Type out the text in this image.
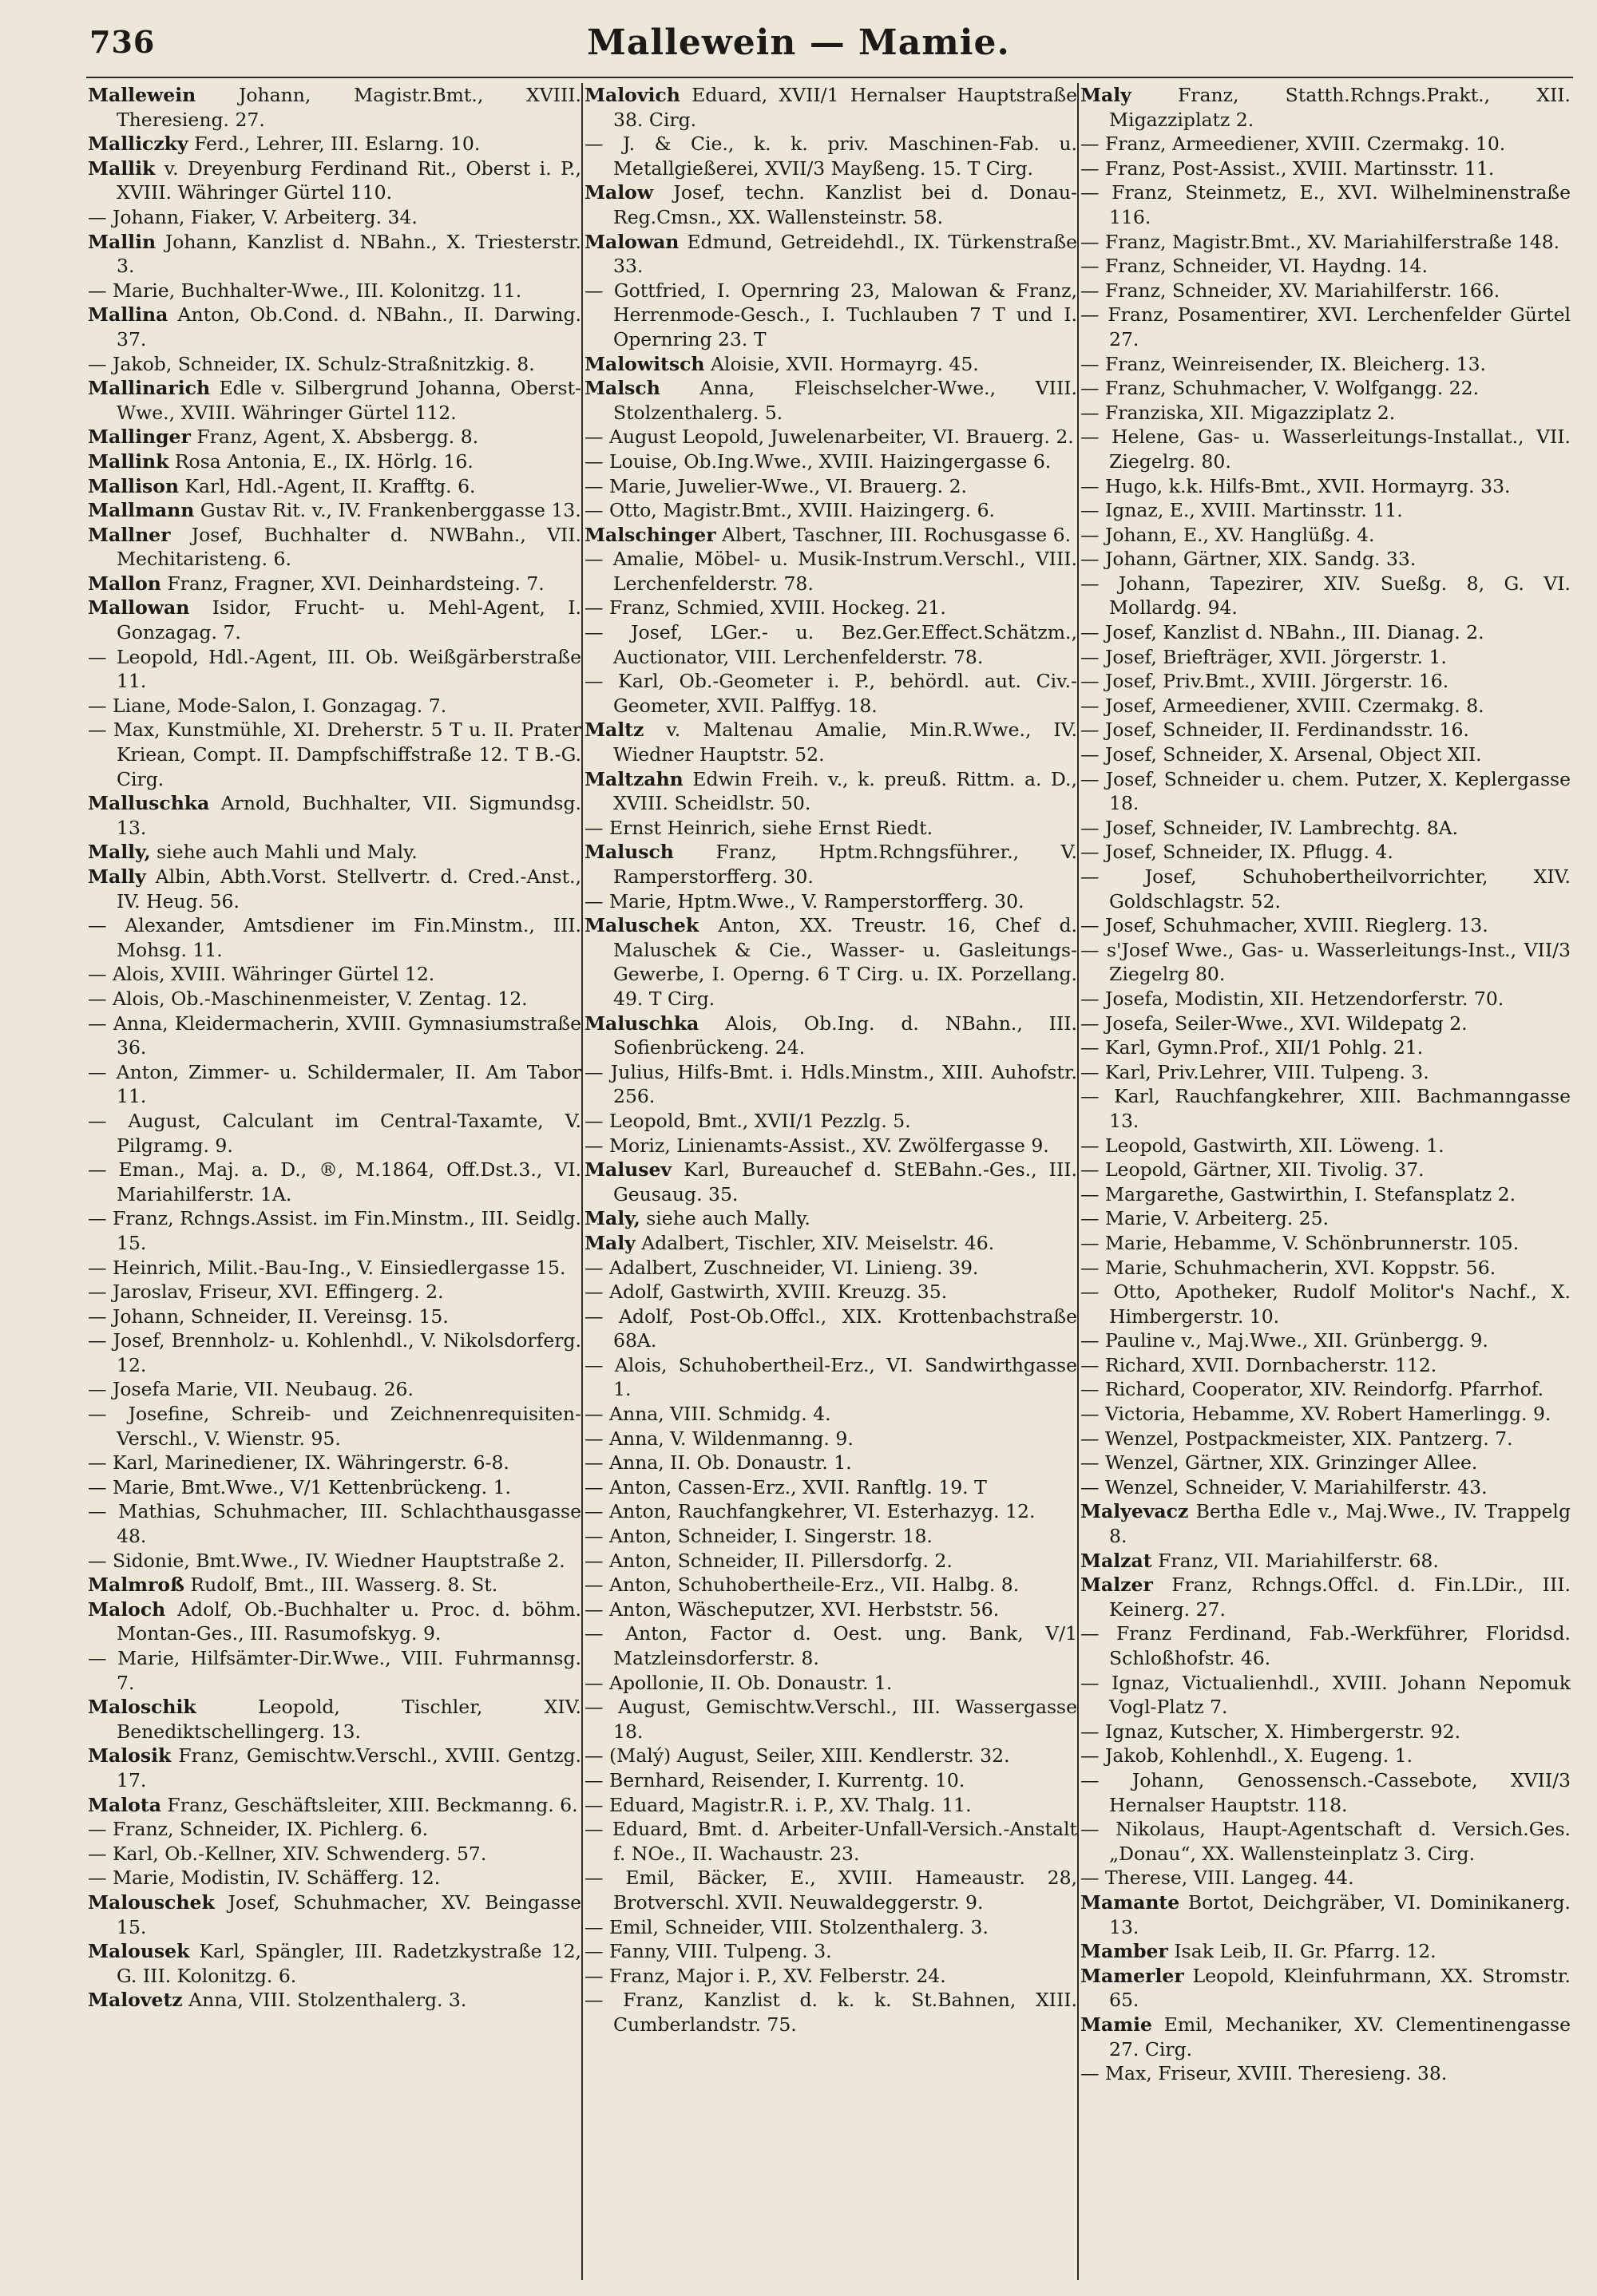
736	Mallewein — Mamie.

Mallewein Johann, Magistr.Bmt., XVIII. Theresieng. 27.

Malliczky Ferd., Lehrer, III. Eslarng. 10.

Mallik v. Dreyenburg Ferdinand Rit., Oberst i. P., XVIII. Währinger Gürtel 110.

— Johann, Fiaker, V. Arbeiterg. 34.

Mallin Johann, Kanzlist d. NBahn., X. Triesterstr. 3.

— Marie, Buchhalter-Wwe., III. Kolonitzg. 11.

Mallina Anton, Ob.Cond. d. NBahn., II. Darwing. 37.

— Jakob, Schneider, IX. Schulz-Straßnitzkig. 8.

Mallinarich Edle v. Silbergrund Johanna, Oberst-Wwe., XVIII. Währinger Gürtel 112.

Mallinger Franz, Agent, X. Absbergg. 8.

Mallink Rosa Antonia, E., IX. Hörlg. 16.

Mallison Karl, Hdl.-Agent, II. Krafftg. 6.

Mallmann Gustav Rit. v., IV. Frankenberggasse 13.

Mallner Josef, Buchhalter d. NWBahn., VII. Mechitaristeng. 6.

Mallon Franz, Fragner, XVI. Deinhardsteing. 7.

Mallowan Isidor, Frucht- u. Mehl-Agent, I. Gonzagag. 7.

— Leopold, Hdl.-Agent, III. Ob. Weißgärberstraße 11.

— Liane, Mode-Salon, I. Gonzagag. 7.

— Max, Kunstmühle, XI. Dreherstr. 5 T u. II. Prater Kriean, Compt. II. Dampfschiffstraße 12. T B.-G. Cirg.

Malluschka Arnold, Buchhalter, VII. Sigmundsg. 13.

Mally, siehe auch Mahli und Maly.

Mally Albin, Abth.Vorst. Stellvertr. d. Cred.-Anst., IV. Heug. 56.

— Alexander, Amtsdiener im Fin.Minstm., III. Mohsg. 11.

— Alois, XVIII. Währinger Gürtel 12.

— Alois, Ob.-Maschinenmeister, V. Zentag. 12.

— Anna, Kleidermacherin, XVIII. Gymnasiumstraße 36.

— Anton, Zimmer- u. Schildermaler, II. Am Tabor 11.

— August, Calculant im Central-Taxamte, V. Pilgramg. 9.

— Eman., Maj. a. D., ®, M.1864, Off.Dst.3., VI. Mariahilferstr. 1A.

— Franz, Rchngs.Assist. im Fin.Minstm., III. Seidlg. 15.

— Heinrich, Milit.-Bau-Ing., V. Einsiedlergasse 15.

— Jaroslav, Friseur, XVI. Effingerg. 2.

— Johann, Schneider, II. Vereinsg. 15.

— Josef, Brennholz- u. Kohlenhdl., V. Nikolsdorferg. 12.

— Josefa Marie, VII. Neubaug. 26.

— Josefine, Schreib- und Zeichnenrequisiten-Verschl., V. Wienstr. 95.

— Karl, Marinediener, IX. Währingerstr. 6-8.

— Marie, Bmt.Wwe., V/1 Kettenbrückeng. 1.

— Mathias, Schuhmacher, III. Schlachthausgasse 48.

— Sidonie, Bmt.Wwe., IV. Wiedner Hauptstraße 2.

Malmroß Rudolf, Bmt., III. Wasserg. 8. St.

Maloch Adolf, Ob.-Buchhalter u. Proc. d. böhm. Montan-Ges., III. Rasumofskyg. 9.

— Marie, Hilfsämter-Dir.Wwe., VIII. Fuhrmannsg. 7.

Maloschik Leopold, Tischler, XIV. Benediktschellingerg. 13.

Malosik Franz, Gemischtw.Verschl., XVIII. Gentzg. 17.

Malota Franz, Geschäftsleiter, XIII. Beckmanng. 6.

— Franz, Schneider, IX. Pichlerg. 6.

— Karl, Ob.-Kellner, XIV. Schwenderg. 57.

— Marie, Modistin, IV. Schäfferg. 12.

Malouschek Josef, Schuhmacher, XV. Beingasse 15.

Malousek Karl, Spängler, III. Radetzkystraße 12, G. III. Kolonitzg. 6.

Malovetz Anna, VIII. Stolzenthalerg. 3.

Malovich Eduard, XVII/1 Hernalser Hauptstraße 38. Cirg.

— J. & Cie., k. k. priv. Maschinen-Fab. u. Metallgießerei, XVII/3 Mayßeng. 15. T Cirg.

Malow Josef, techn. Kanzlist bei d. Donau-Reg.Cmsn., XX. Wallensteinstr. 58.

Malowan Edmund, Getreidehdl., IX. Türkenstraße 33.

— Gottfried, I. Opernring 23, Malowan & Franz, Herrenmode-Gesch., I. Tuchlauben 7 T und I. Opernring 23. T

Malowitsch Aloisie, XVII. Hormayrg. 45.

Malsch Anna, Fleischselcher-Wwe., VIII. Stolzenthalerg. 5.

— August Leopold, Juwelenarbeiter, VI. Brauerg. 2.

— Louise, Ob.Ing.Wwe., XVIII. Haizingergasse 6.

— Marie, Juwelier-Wwe., VI. Brauerg. 2.

— Otto, Magistr.Bmt., XVIII. Haizingerg. 6.

Malschinger Albert, Taschner, III. Rochusgasse 6.

— Amalie, Möbel- u. Musik-Instrum.Verschl., VIII. Lerchenfelderstr. 78.

— Franz, Schmied, XVIII. Hockeg. 21.

— Josef, LGer.- u. Bez.Ger.Effect.Schätzm., Auctionator, VIII. Lerchenfelderstr. 78.

— Karl, Ob.-Geometer i. P., behördl. aut. Civ.-Geometer, XVII. Palffyg. 18.

Maltz v. Maltenau Amalie, Min.R.Wwe., IV. Wiedner Hauptstr. 52.

Maltzahn Edwin Freih. v., k. preuß. Rittm. a. D., XVIII. Scheidlstr. 50.

— Ernst Heinrich, siehe Ernst Riedt.

Malusch Franz, Hptm.Rchngsführer., V. Ramperstorfferg. 30.

— Marie, Hptm.Wwe., V. Ramperstorfferg. 30.

Maluschek Anton, XX. Treustr. 16, Chef d. Maluschek & Cie., Wasser- u. Gasleitungs-Gewerbe, I. Operng. 6 T Cirg. u. IX. Porzellang. 49. T Cirg.

Maluschka Alois, Ob.Ing. d. NBahn., III. Sofienbrückeng. 24.

— Julius, Hilfs-Bmt. i. Hdls.Minstm., XIII. Auhofstr. 256.

— Leopold, Bmt., XVII/1 Pezzlg. 5.

— Moriz, Linienamts-Assist., XV. Zwölfergasse 9.

Malusev Karl, Bureauchef d. StEBahn.-Ges., III. Geusaug. 35.

Maly, siehe auch Mally.

Maly Adalbert, Tischler, XIV. Meiselstr. 46.

— Adalbert, Zuschneider, VI. Linieng. 39.

— Adolf, Gastwirth, XVIII. Kreuzg. 35.

— Adolf, Post-Ob.Offcl., XIX. Krottenbachstraße 68A.

— Alois, Schuhobertheil-Erz., VI. Sandwirthgasse 1.

— Anna, VIII. Schmidg. 4.

— Anna, V. Wildenmanng. 9.

— Anna, II. Ob. Donaustr. 1.

— Anton, Cassen-Erz., XVII. Ranftlg. 19. T

— Anton, Rauchfangkehrer, VI. Esterhazyg. 12.

— Anton, Schneider, I. Singerstr. 18.

— Anton, Schneider, II. Pillersdorfg. 2.

— Anton, Schuhobertheile-Erz., VII. Halbg. 8.

— Anton, Wäscheputzer, XVI. Herbststr. 56.

— Anton, Factor d. Oest. ung. Bank, V/1 Matzleinsdorferstr. 8.

— Apollonie, II. Ob. Donaustr. 1.

— August, Gemischtw.Verschl., III. Wassergasse 18.

— (Malý) August, Seiler, XIII. Kendlerstr. 32.

— Bernhard, Reisender, I. Kurrentg. 10.

— Eduard, Magistr.R. i. P., XV. Thalg. 11.

— Eduard, Bmt. d. Arbeiter-Unfall-Versich.-Anstalt f. NOe., II. Wachaustr. 23.

— Emil, Bäcker, E., XVIII. Hameaustr. 28, Brotverschl. XVII. Neuwaldeggerstr. 9.

— Emil, Schneider, VIII. Stolzenthalerg. 3.

— Fanny, VIII. Tulpeng. 3.

— Franz, Major i. P., XV. Felberstr. 24.

— Franz, Kanzlist d. k. k. St.Bahnen, XIII. Cumberlandstr. 75.

Maly Franz, Statth.Rchngs.Prakt., XII. Migazziplatz 2.

— Franz, Armeediener, XVIII. Czermakg. 10.

— Franz, Post-Assist., XVIII. Martinsstr. 11.

— Franz, Steinmetz, E., XVI. Wilhelminenstraße 116.

— Franz, Magistr.Bmt., XV. Mariahilferstraße 148.

— Franz, Schneider, VI. Haydng. 14.

— Franz, Schneider, XV. Mariahilferstr. 166.

— Franz, Posamentirer, XVI. Lerchenfelder Gürtel 27.

— Franz, Weinreisender, IX. Bleicherg. 13.

— Franz, Schuhmacher, V. Wolfgangg. 22.

— Franziska, XII. Migazziplatz 2.

— Helene, Gas- u. Wasserleitungs-Installat., VII. Ziegelrg. 80.

— Hugo, k.k. Hilfs-Bmt., XVII. Hormayrg. 33.

— Ignaz, E., XVIII. Martinsstr. 11.

— Johann, E., XV. Hanglüßg. 4.

— Johann, Gärtner, XIX. Sandg. 33.

— Johann, Tapezirer, XIV. Sueßg. 8, G. VI. Mollardg. 94.

— Josef, Kanzlist d. NBahn., III. Dianag. 2.

— Josef, Briefträger, XVII. Jörgerstr. 1.

— Josef, Priv.Bmt., XVIII. Jörgerstr. 16.

— Josef, Armeediener, XVIII. Czermakg. 8.

— Josef, Schneider, II. Ferdinandsstr. 16.

— Josef, Schneider, X. Arsenal, Object XII.

— Josef, Schneider u. chem. Putzer, X. Keplergasse 18.

— Josef, Schneider, IV. Lambrechtg. 8A.

— Josef, Schneider, IX. Pflugg. 4.

— Josef, Schuhobertheilvorrichter, XIV. Goldschlagstr. 52.

— Josef, Schuhmacher, XVIII. Rieglerg. 13.

— s'Josef Wwe., Gas- u. Wasserleitungs-Inst., VII/3 Ziegelrg 80.

— Josefa, Modistin, XII. Hetzendorferstr. 70.

— Josefa, Seiler-Wwe., XVI. Wildepatg 2.

— Karl, Gymn.Prof., XII/1 Pohlg. 21.

— Karl, Priv.Lehrer, VIII. Tulpeng. 3.

— Karl, Rauchfangkehrer, XIII. Bachmanngasse 13.

— Leopold, Gastwirth, XII. Löweng. 1.

— Leopold, Gärtner, XII. Tivolig. 37.

— Margarethe, Gastwirthin, I. Stefansplatz 2.

— Marie, V. Arbeiterg. 25.

— Marie, Hebamme, V. Schönbrunnerstr. 105.

— Marie, Schuhmacherin, XVI. Koppstr. 56.

— Otto, Apotheker, Rudolf Molitor's Nachf., X. Himbergerstr. 10.

— Pauline v., Maj.Wwe., XII. Grünbergg. 9.

— Richard, XVII. Dornbacherstr. 112.

— Richard, Cooperator, XIV. Reindorfg. Pfarrhof.

— Victoria, Hebamme, XV. Robert Hamerlingg. 9.

— Wenzel, Postpackmeister, XIX. Pantzerg. 7.

— Wenzel, Gärtner, XIX. Grinzinger Allee.

— Wenzel, Schneider, V. Mariahilferstr. 43.

Malyevacz Bertha Edle v., Maj.Wwe., IV. Trappelg 8.

Malzat Franz, VII. Mariahilferstr. 68.

Malzer Franz, Rchngs.Offcl. d. Fin.LDir., III. Keinerg. 27.

— Franz Ferdinand, Fab.-Werkführer, Floridsd. Schloßhofstr. 46.

— Ignaz, Victualienhdl., XVIII. Johann Nepomuk Vogl-Platz 7.

— Ignaz, Kutscher, X. Himbergerstr. 92.

— Jakob, Kohlenhdl., X. Eugeng. 1.

— Johann, Genossensch.-Cassebote, XVII/3 Hernalser Hauptstr. 118.

— Nikolaus, Haupt-Agentschaft d. Versich.Ges. „Donau“, XX. Wallensteinplatz 3. Cirg.

— Therese, VIII. Langeg. 44.

Mamante Bortot, Deichgräber, VI. Dominikanerg. 13.

Mamber Isak Leib, II. Gr. Pfarrg. 12.

Mamerler Leopold, Kleinfuhrmann, XX. Stromstr. 65.

Mamie Emil, Mechaniker, XV. Clementinengasse 27. Cirg.

— Max, Friseur, XVIII. Theresieng. 38.
